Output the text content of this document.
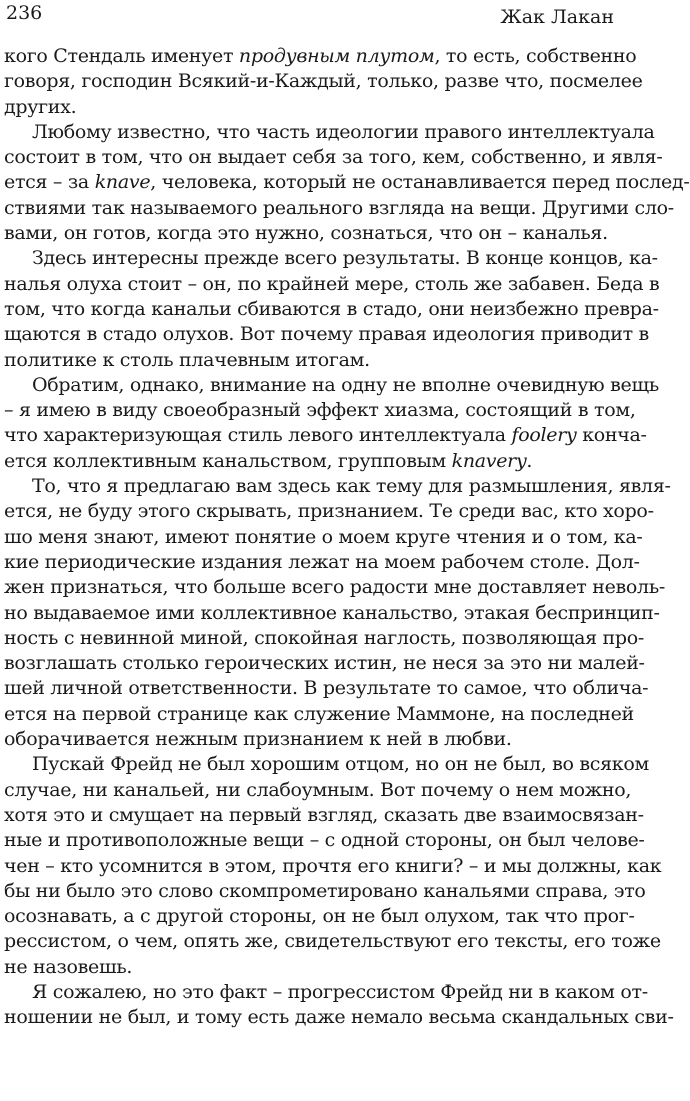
236	Жак Лакан
кого Стендаль именует продувным плутом, то есть, собственно
говоря, господин Всякий-и-Каждый, только, разве что, посмелее
других.
Любому известно, что часть идеологии правого интеллектуала
состоит в том, что он выдает себя за того, кем, собственно, и явля-
ется – за knave, человека, который не останавливается перед послед-
ствиями так называемого реального взгляда на вещи. Другими сло-
вами, он готов, когда это нужно, сознаться, что он – каналья.
Здесь интересны прежде всего результаты. В конце концов, ка-
налья олуха стоит – он, по крайней мере, столь же забавен. Беда в
том, что когда канальи сбиваются в стадо, они неизбежно превра-
щаются в стадо олухов. Вот почему правая идеология приводит в
политике к столь плачевным итогам.
Обратим, однако, внимание на одну не вполне очевидную вещь
– я имею в виду своеобразный эффект хиазма, состоящий в том,
что характеризующая стиль левого интеллектуала foolery конча-
ется коллективным канальством, групповым knavery.
То, что я предлагаю вам здесь как тему для размышления, явля-
ется, не буду этого скрывать, признанием. Те среди вас, кто хоро-
шо меня знают, имеют понятие о моем круге чтения и о том, ка-
кие периодические издания лежат на моем рабочем столе. Дол-
жен признаться, что больше всего радости мне доставляет неволь-
но выдаваемое ими коллективное канальство, этакая беспринцип-
ность с невинной миной, спокойная наглость, позволяющая про-
возглашать столько героических истин, не неся за это ни малей-
шей личной ответственности. В результате то самое, что облича-
ется на первой странице как служение Маммоне, на последней
оборачивается нежным признанием к ней в любви.
Пускай Фрейд не был хорошим отцом, но он не был, во всяком
случае, ни канальей, ни слабоумным. Вот почему о нем можно,
хотя это и смущает на первый взгляд, сказать две взаимосвязан-
ные и противоположные вещи – с одной стороны, он был челове-
чен – кто усомнится в этом, прочтя его книги? – и мы должны, как
бы ни было это слово скомпрометировано канальями справа, это
осознавать, а с другой стороны, он не был олухом, так что прог-
рессистом, о чем, опять же, свидетельствуют его тексты, его тоже
не назовешь.
Я сожалею, но это факт – прогрессистом Фрейд ни в каком от-
ношении не был, и тому есть даже немало весьма скандальных сви-
